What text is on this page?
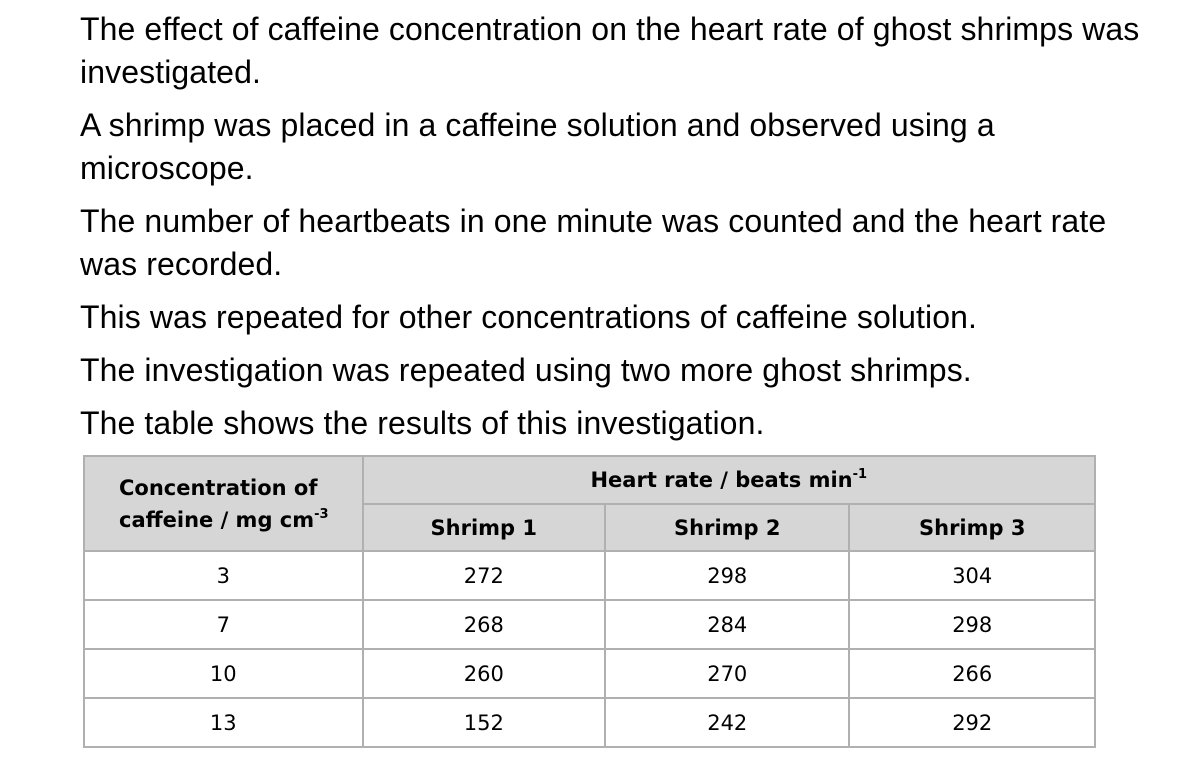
The effect of caffeine concentration on the heart rate of ghost shrimps was investigated.

A shrimp was placed in a caffeine solution and observed using a microscope.

The number of heartbeats in one minute was counted and the heart rate was recorded.

This was repeated for other concentrations of caffeine solution.

The investigation was repeated using two more ghost shrimps.

The table shows the results of this investigation.

Concentration of
caffeine / mg $cm^{-3}$	Heart rate / beats $\min^{-1}$
	Shrimp 1	Shrimp 2	Shrimp 3
3	272	298	304
7	268	284	298
10	260	270	266
13	152	242	292
